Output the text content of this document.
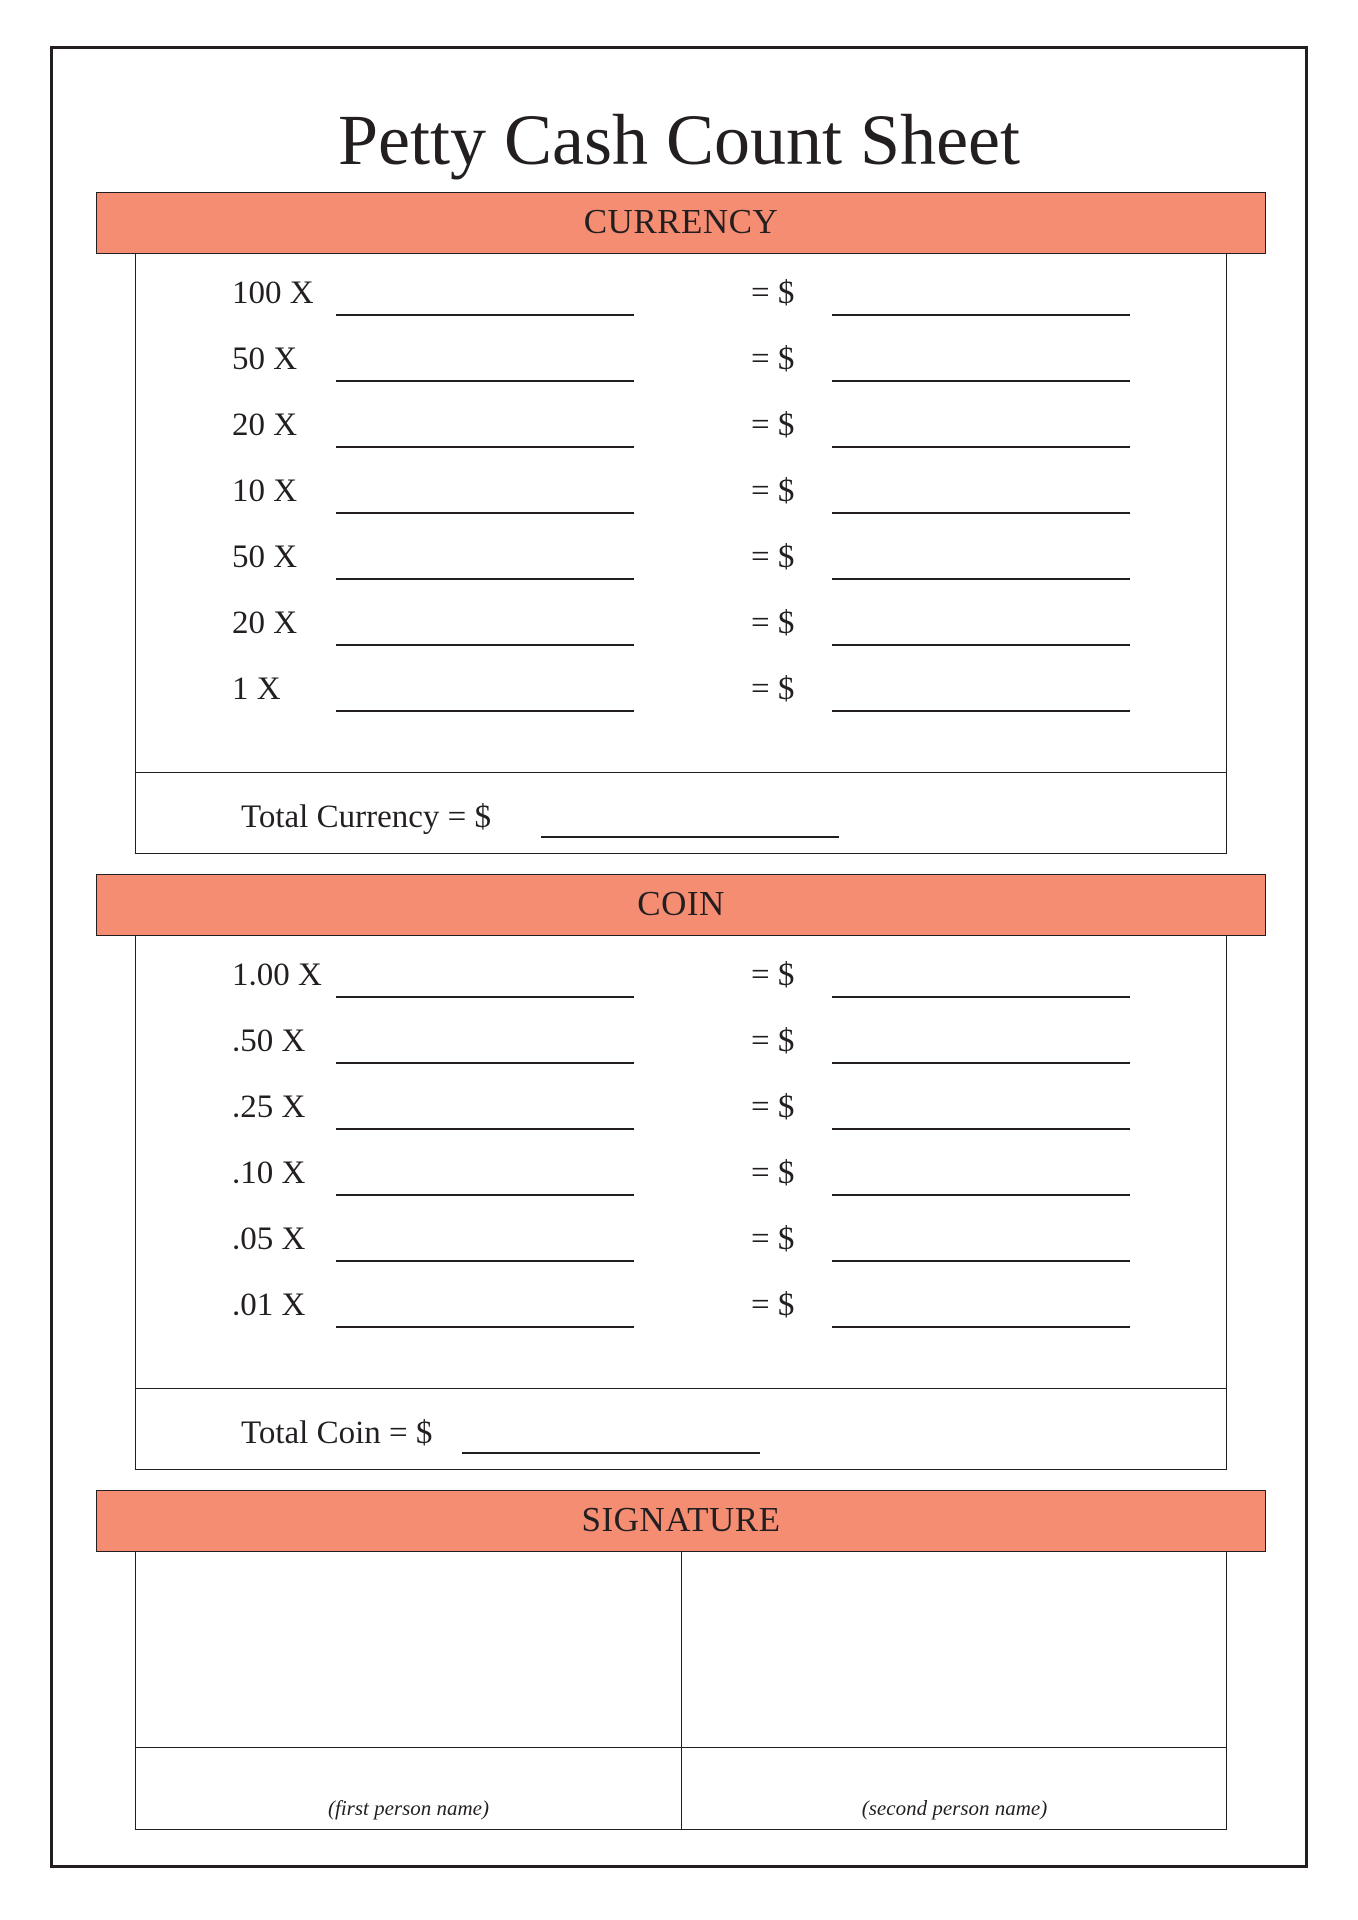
Petty Cash Count Sheet
CURRENCY
100 X	= $
50 X	= $
20 X	= $
10 X	= $
50 X	= $
20 X	= $
1 X	= $
Total Currency = $
COIN
1.00 X	= $
.50 X	= $
.25 X	= $
.10 X	= $
.05 X	= $
.01 X	= $
Total Coin = $
SIGNATURE
(first person name)	(second person name)
